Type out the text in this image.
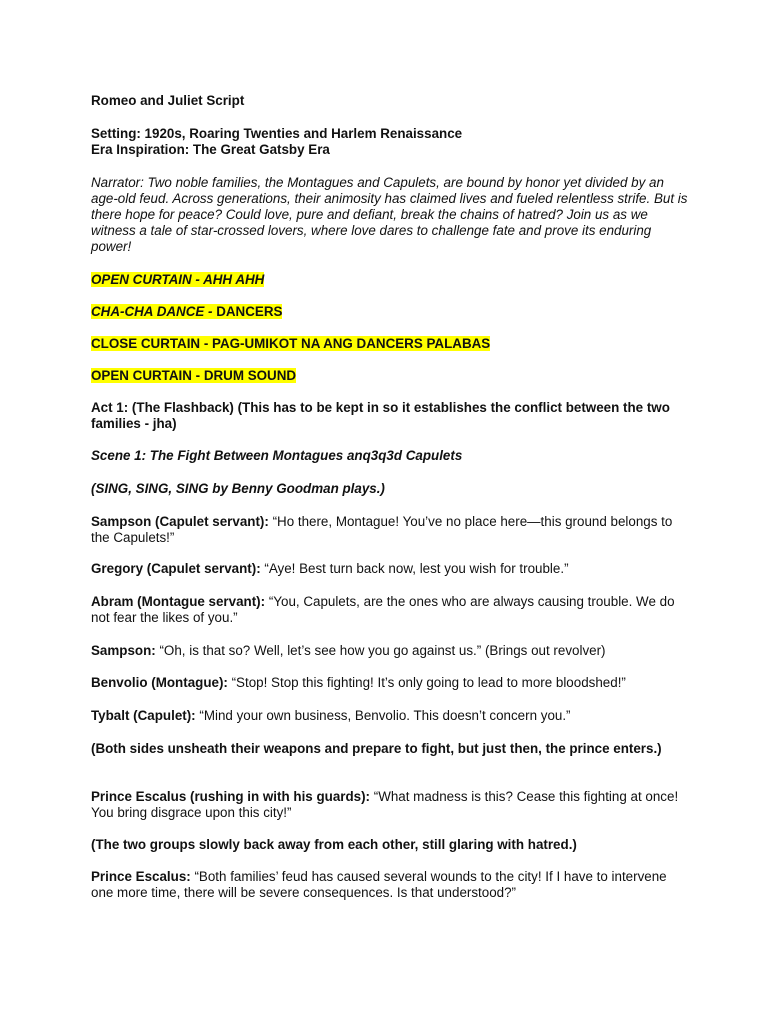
Romeo and Juliet Script

Setting: 1920s, Roaring Twenties and Harlem Renaissance

Era Inspiration: The Great Gatsby Era

Narrator: Two noble families, the Montagues and Capulets, are bound by honor yet divided by an age-old feud. Across generations, their animosity has claimed lives and fueled relentless strife. But is there hope for peace? Could love, pure and defiant, break the chains of hatred? Join us as we witness a tale of star-crossed lovers, where love dares to challenge fate and prove its enduring power!

OPEN CURTAIN - AHH AHH

CHA-CHA DANCE - DANCERS

CLOSE CURTAIN - PAG-UMIKOT NA ANG DANCERS PALABAS

OPEN CURTAIN - DRUM SOUND

Act 1: (The Flashback) (This has to be kept in so it establishes the conflict between the two families - jha)

Scene 1: The Fight Between Montagues anq3q3d Capulets

(SING, SING, SING by Benny Goodman plays.)

Sampson (Capulet servant): “Ho there, Montague! You’ve no place here—this ground belongs to the Capulets!”

Gregory (Capulet servant): “Aye! Best turn back now, lest you wish for trouble.”

Abram (Montague servant): “You, Capulets, are the ones who are always causing trouble. We do not fear the likes of you.”

Sampson: “Oh, is that so? Well, let’s see how you go against us.” (Brings out revolver)

Benvolio (Montague): “Stop! Stop this fighting! It’s only going to lead to more bloodshed!”

Tybalt (Capulet): “Mind your own business, Benvolio. This doesn’t concern you.”

(Both sides unsheath their weapons and prepare to fight, but just then, the prince enters.)

Prince Escalus (rushing in with his guards): “What madness is this? Cease this fighting at once! You bring disgrace upon this city!”

(The two groups slowly back away from each other, still glaring with hatred.)

Prince Escalus: “Both families’ feud has caused several wounds to the city! If I have to intervene one more time, there will be severe consequences. Is that understood?”
